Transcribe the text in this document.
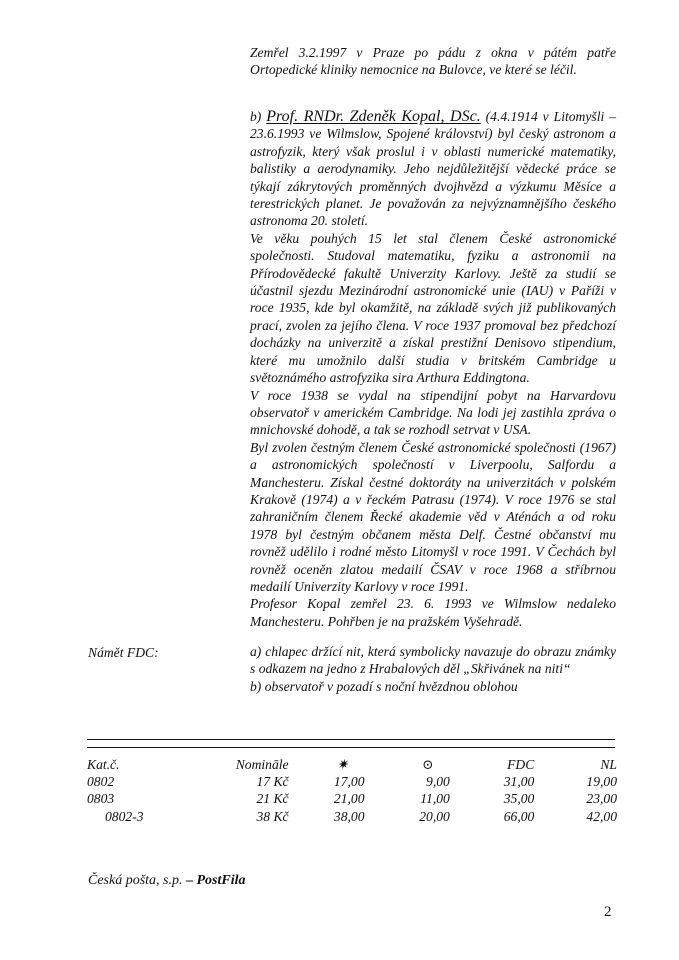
Zemřel 3.2.1997 v Praze po pádu z okna v pátém patře Ortopedické kliniky nemocnice na Bulovce, ve které se léčil.

b) Prof. RNDr. Zdeněk Kopal, DSc. (4.4.1914 v Litomyšli – 23.6.1993 ve Wilmslow, Spojené království) byl český astronom a astrofyzik, který však proslul i v oblasti numerické matematiky, balistiky a aerodynamiky. Jeho nejdůležitější vědecké práce se týkají zákrytových proměnných dvojhvězd a výzkumu Měsíce a terestrických planet. Je považován za nejvýznamnějšího českého astronoma 20. století.

Ve věku pouhých 15 let stal členem České astronomické společnosti. Studoval matematiku, fyziku a astronomii na Přírodovědecké fakultě Univerzity Karlovy. Ještě za studií se účastnil sjezdu Mezinárodní astronomické unie (IAU) v Paříži v roce 1935, kde byl okamžitě, na základě svých již publikovaných prací, zvolen za jejího člena. V roce 1937 promoval bez předchozí docházky na univerzitě a získal prestižní Denisovo stipendium, které mu umožnilo další studia v britském Cambridge u světoznámého astrofyzika sira Arthura Eddingtona.

V roce 1938 se vydal na stipendijní pobyt na Harvardovu observatoř v americkém Cambridge. Na lodi jej zastihla zpráva o mnichovské dohodě, a tak se rozhodl setrvat v USA.

Byl zvolen čestným členem České astronomické společnosti (1967) a astronomických společností v Liverpoolu, Salfordu a Manchesteru. Získal čestné doktoráty na univerzitách v polském Krakově (1974) a v řeckém Patrasu (1974). V roce 1976 se stal zahraničním členem Řecké akademie věd v Aténách a od roku 1978 byl čestným občanem města Delf. Čestné občanství mu rovněž udělilo i rodné město Litomyšl v roce 1991. V Čechách byl rovněž oceněn zlatou medailí ČSAV v roce 1968 a stříbrnou medailí Univerzity Karlovy v roce 1991.

Profesor Kopal zemřel 23. 6. 1993 ve Wilmslow nedaleko Manchesteru. Pohřben je na pražském Vyšehradě.

Námět FDC:	a) chlapec držící nit, která symbolicky navazuje do obrazu známky s odkazem na jedno z Hrabalových děl „Skřivánek na niti“

b) observatoř v pozadí s noční hvězdnou oblohou

Kat.č.	Nomināle	✷	⊙	FDC	NL
0802	17 Kč	17,00	9,00	31,00	19,00
0803	21 Kč	21,00	11,00	35,00	23,00
0802-3	38 Kč	38,00	20,00	66,00	42,00
Česká pošta, s.p. – PostFila
2
